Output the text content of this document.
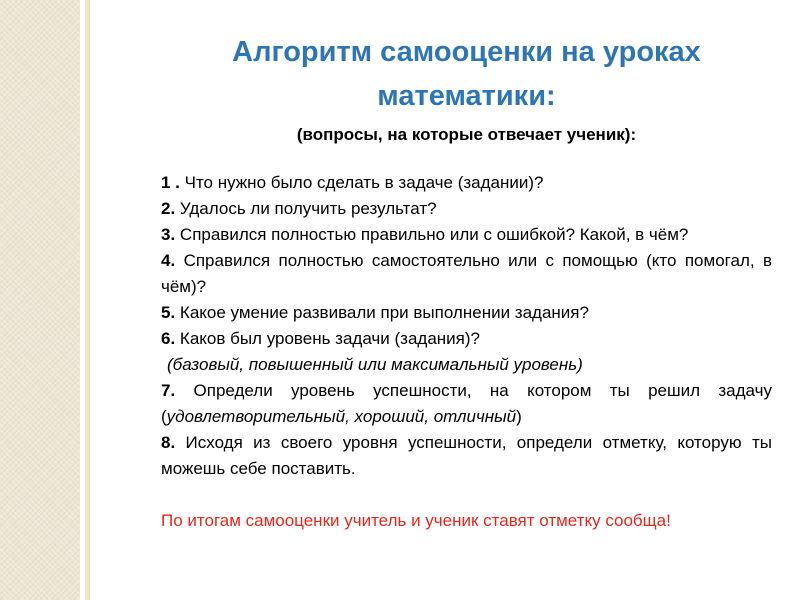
Алгоритм самооценки на уроках математики:

(вопросы, на которые отвечает ученик):

1 . Что нужно было сделать в задаче (задании)?
2. Удалось ли получить результат?
3. Справился полностью правильно или с ошибкой? Какой, в чём?
4. Справился полностью самостоятельно или с помощью (кто помогал, в чём)?
5. Какое умение развивали при выполнении задания?
6. Каков был уровень задачи (задания)?
(базовый, повышенный или максимальный уровень)
7. Определи уровень успешности, на котором ты решил задачу (удовлетворительный, хороший, отличный)
8. Исходя из своего уровня успешности, определи отметку, которую ты можешь себе поставить.

По итогам самооценки учитель и ученик ставят отметку сообща!
